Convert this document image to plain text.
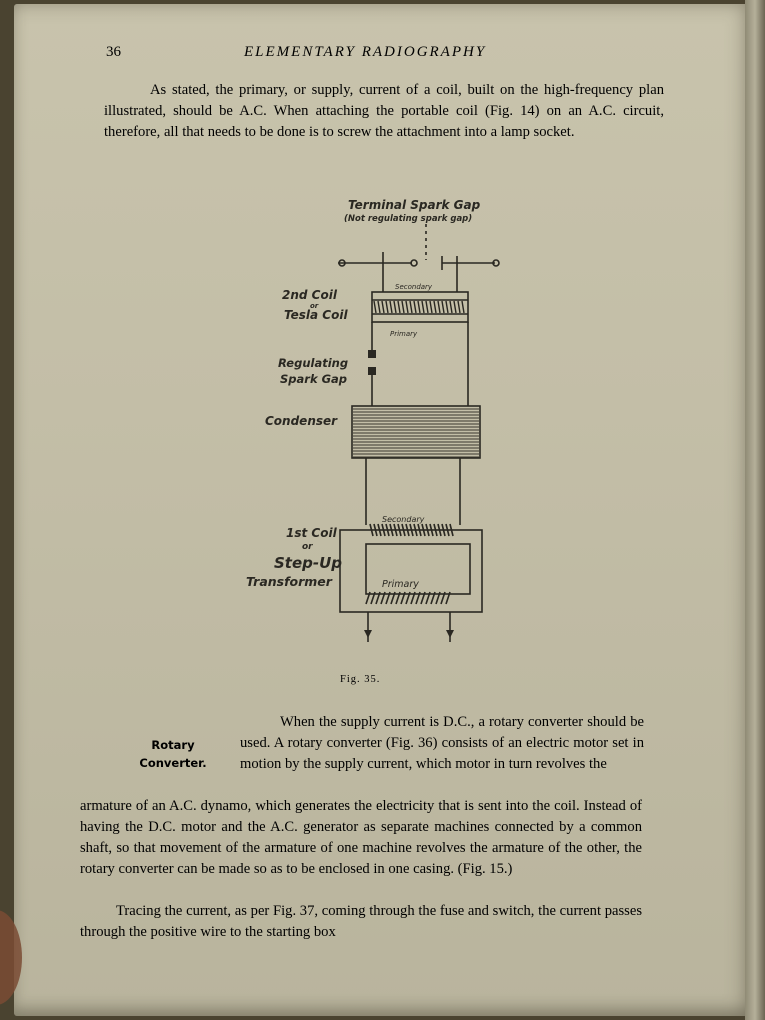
36	ELEMENTARY RADIOGRAPHY

As stated, the primary, or supply, current of a coil, built on the high-frequency plan illustrated, should be A.C. When attaching the portable coil (Fig. 14) on an A.C. circuit, therefore, all that needs to be done is to screw the attachment into a lamp socket.

Terminal Spark Gap
(Not regulating spark gap)
Secondary
Primary
2nd Coil
or
Tesla Coil
Regulating
Spark Gap
Condenser
Secondary
Primary
1st Coil
or
Step-Up
Transformer
Fig. 35.
Rotary
Converter.

When the supply current is D.C., a rotary converter should be used. A rotary converter (Fig. 36) consists of an electric motor set in motion by the supply current, which motor in turn revolves the

armature of an A.C. dynamo, which generates the electricity that is sent into the coil. Instead of having the D.C. motor and the A.C. generator as separate machines connected by a common shaft, so that movement of the armature of one machine revolves the armature of the other, the rotary converter can be made so as to be enclosed in one casing. (Fig. 15.)

Tracing the current, as per Fig. 37, coming through the fuse and switch, the current passes through the positive wire to the starting box
